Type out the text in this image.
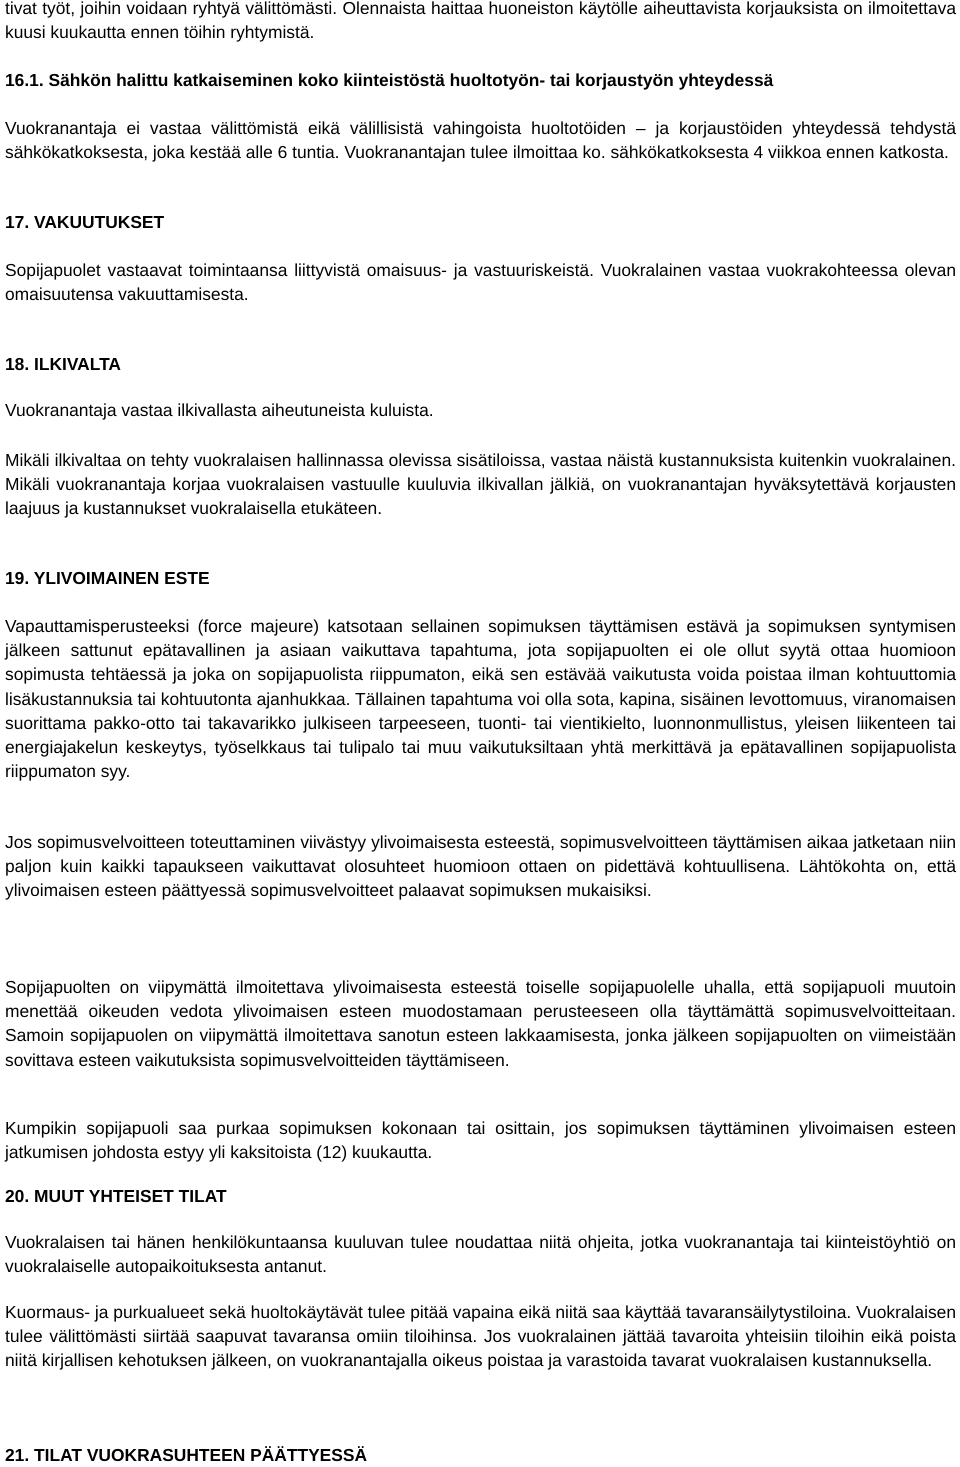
tivat työt, joihin voidaan ryhtyä välittömästi. Olennaista haittaa huoneiston käytölle aiheuttavista korjauksista on ilmoitettava kuusi kuukautta ennen töihin ryhtymistä.

16.1. Sähkön halittu katkaiseminen koko kiinteistöstä huoltotyön- tai korjaustyön yhteydessä

Vuokranantaja ei vastaa välittömistä eikä välillisistä vahingoista huoltotöiden – ja korjaustöiden yhteydessä tehdystä sähkökatkoksesta, joka kestää alle 6 tuntia. Vuokranantajan tulee ilmoittaa ko. sähkökatkoksesta 4 viikkoa ennen katkosta.

17. VAKUUTUKSET

Sopijapuolet vastaavat toimintaansa liittyvistä omaisuus- ja vastuuriskeistä. Vuokralainen vastaa vuokrakohteessa olevan omaisuutensa vakuuttamisesta.

18. ILKIVALTA

Vuokranantaja vastaa ilkivallasta aiheutuneista kuluista.

Mikäli ilkivaltaa on tehty vuokralaisen hallinnassa olevissa sisätiloissa, vastaa näistä kustannuksista kuitenkin vuokralainen. Mikäli vuokranantaja korjaa vuokralaisen vastuulle kuuluvia ilkivallan jälkiä, on vuokranantajan hyväksytettävä korjausten laajuus ja kustannukset vuokralaisella etukäteen.

19. YLIVOIMAINEN ESTE

Vapauttamisperusteeksi (force majeure) katsotaan sellainen sopimuksen täyttämisen estävä ja sopimuksen syntymisen jälkeen sattunut epätavallinen ja asiaan vaikuttava tapahtuma, jota sopijapuolten ei ole ollut syytä ottaa huomioon sopimusta tehtäessä ja joka on sopijapuolista riippumaton, eikä sen estävää vaikutusta voida poistaa ilman kohtuuttomia lisäkustannuksia tai kohtuutonta ajanhukkaa. Tällainen tapahtuma voi olla sota, kapina, sisäinen levottomuus, viranomaisen suorittama pakko-otto tai takavarikko julkiseen tarpeeseen, tuonti- tai vientikielto, luonnonmullistus, yleisen liikenteen tai energiajakelun keskeytys, työselkkaus tai tulipalo tai muu vaikutuksiltaan yhtä merkittävä ja epätavallinen sopijapuolista riippumaton syy.

Jos sopimusvelvoitteen toteuttaminen viivästyy ylivoimaisesta esteestä, sopimusvelvoitteen täyttämisen aikaa jatketaan niin paljon kuin kaikki tapaukseen vaikuttavat olosuhteet huomioon ottaen on pidettävä kohtuullisena. Lähtökohta on, että ylivoimaisen esteen päättyessä sopimusvelvoitteet palaavat sopimuksen mukaisiksi.

Sopijapuolten on viipymättä ilmoitettava ylivoimaisesta esteestä toiselle sopijapuolelle uhalla, että sopijapuoli muutoin menettää oikeuden vedota ylivoimaisen esteen muodostamaan perusteeseen olla täyttämättä sopimusvelvoitteitaan. Samoin sopijapuolen on viipymättä ilmoitettava sanotun esteen lakkaamisesta, jonka jälkeen sopijapuolten on viimeistään sovittava esteen vaikutuksista sopimusvelvoitteiden täyttämiseen.

Kumpikin sopijapuoli saa purkaa sopimuksen kokonaan tai osittain, jos sopimuksen täyttäminen ylivoimaisen esteen jatkumisen johdosta estyy yli kaksitoista (12) kuukautta.

20. MUUT YHTEISET TILAT

Vuokralaisen tai hänen henkilökuntaansa kuuluvan tulee noudattaa niitä ohjeita, jotka vuokranantaja tai kiinteistöyhtiö on vuokralaiselle autopaikoituksesta antanut.

Kuormaus- ja purkualueet sekä huoltokäytävät tulee pitää vapaina eikä niitä saa käyttää tavaransäilytystiloina. Vuokralaisen tulee välittömästi siirtää saapuvat tavaransa omiin tiloihinsa. Jos vuokralainen jättää tavaroita yhteisiin tiloihin eikä poista niitä kirjallisen kehotuksen jälkeen, on vuokranantajalla oikeus poistaa ja varastoida tavarat vuokralaisen kustannuksella.

21. TILAT VUOKRASUHTEEN PÄÄTTYESSÄ
